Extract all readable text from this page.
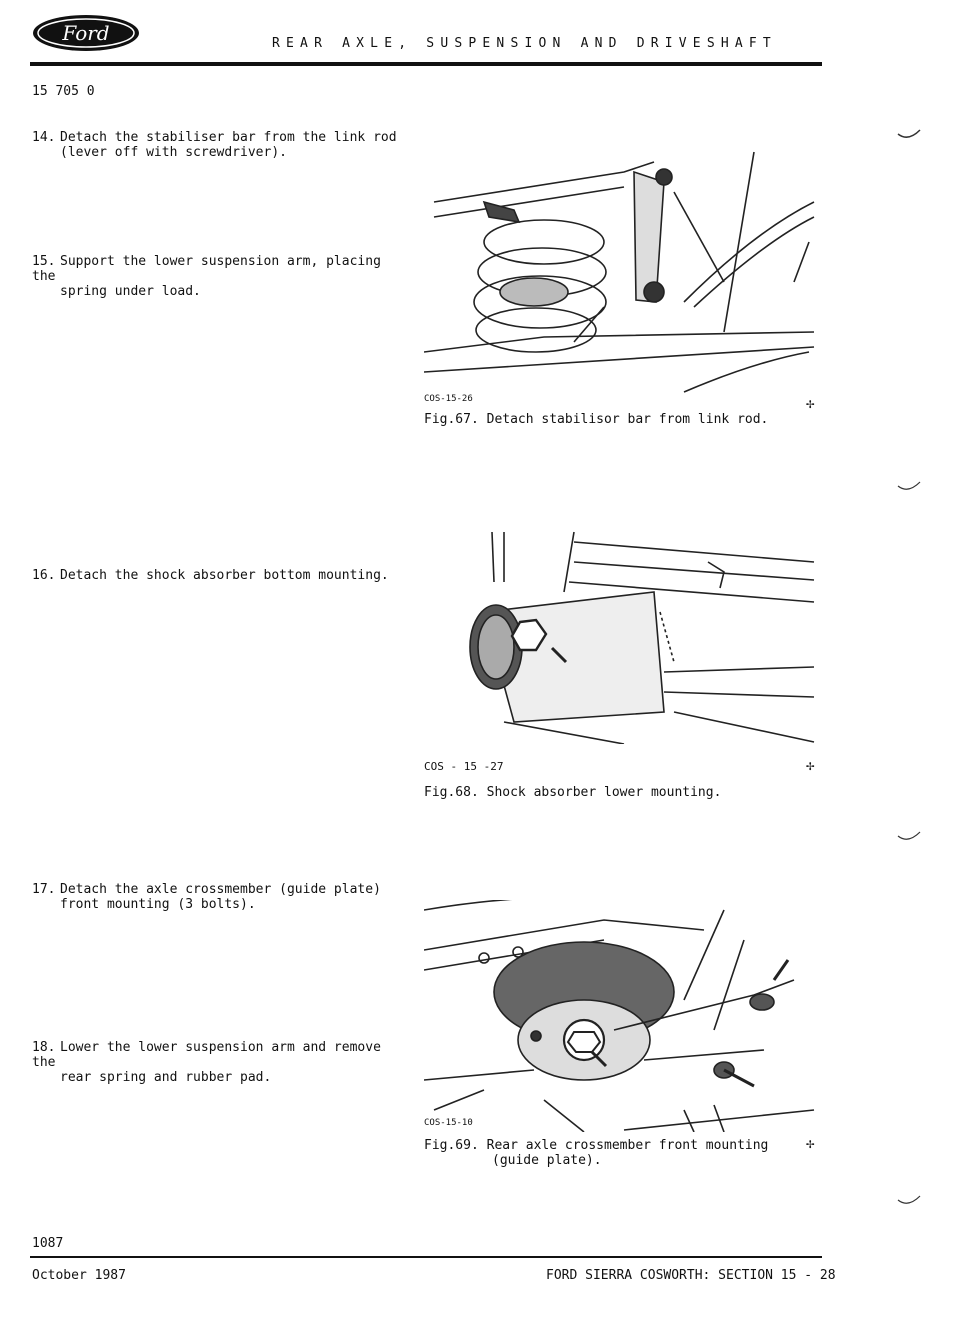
Ford	REAR AXLE, SUSPENSION AND DRIVESHAFT
15 705 0
14. Detach the stabiliser bar from the link rod
(lever off with screwdriver).
15. Support the lower suspension arm, placing the
spring under load.
16. Detach the shock absorber bottom mounting.
17. Detach the axle crossmember (guide plate)
front mounting (3 bolts).
18. Lower the lower suspension arm and remove the
rear spring and rubber pad.
COS-15-26
Fig.67. Detach stabilisor bar from link rod.
✢
COS - 15 -27
Fig.68. Shock absorber lower mounting.
✢
COS-15-10
Fig.69. Rear axle crossmember front mounting
(guide plate).
✢
1087
October 1987	FORD SIERRA COSWORTH: SECTION 15 - 28
